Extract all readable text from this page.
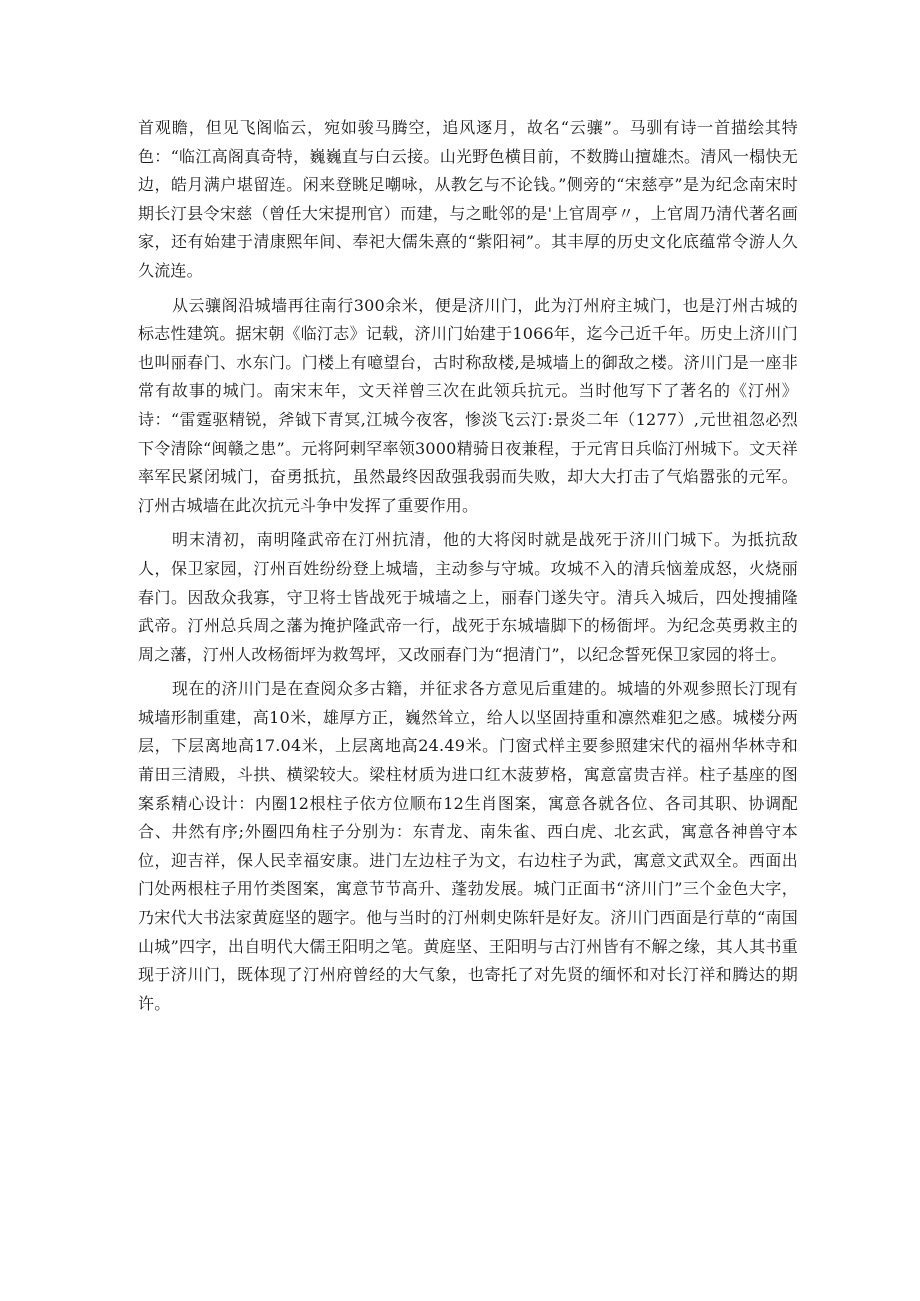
首观瞻，但见飞阁临云，宛如骏马腾空，追风逐月，故名“云骧”。马驯有诗一首描绘其特色：“临江高阁真奇特，巍巍直与白云接。山光野色横目前，不数腾山擅雄杰。清风一榻快无边，皓月满户堪留连。闲来登眺足嘲咏，从教乞与不论钱。”侧旁的“宋慈亭”是为纪念南宋时期长汀县令宋慈（曾任大宋提刑官）而建，与之毗邻的是'上官周亭〃，上官周乃清代著名画家，还有始建于清康熙年间、奉祀大儒朱熹的“紫阳祠”。其丰厚的历史文化底蕴常令游人久久流连。

从云骧阁沿城墙再往南行300余米，便是济川门，此为汀州府主城门，也是汀州古城的标志性建筑。据宋朝《临汀志》记载，济川门始建于1066年，迄今己近千年。历史上济川门也叫丽春门、水东门。门楼上有噫望台，古时称敌楼,是城墙上的御敌之楼。济川门是一座非常有故事的城门。南宋末年，文天祥曾三次在此领兵抗元。当时他写下了著名的《汀州》诗：“雷霆驱精锐，斧钺下青冥,江城今夜客，惨淡飞云汀:景炎二年（1277）,元世祖忽必烈下令清除“闽赣之患”。元将阿剌罕率领3000精骑日夜兼程，于元宵日兵临汀州城下。文天祥率军民紧闭城门，奋勇抵抗，虽然最终因敌强我弱而失败，却大大打击了气焰嚣张的元军。汀州古城墙在此次抗元斗争中发挥了重要作用。

明末清初，南明隆武帝在汀州抗清，他的大将闵时就是战死于济川门城下。为抵抗敌人，保卫家园，汀州百姓纷纷登上城墙，主动参与守城。攻城不入的清兵恼羞成怒，火烧丽春门。因敌众我寡，守卫将士皆战死于城墙之上，丽春门遂失守。清兵入城后，四处搜捕隆武帝。汀州总兵周之藩为掩护隆武帝一行，战死于东城墙脚下的杨衙坪。为纪念英勇救主的周之藩，汀州人改杨衙坪为救驾坪，又改丽春门为“挹清门”，以纪念誓死保卫家园的将士。

现在的济川门是在查阅众多古籍，并征求各方意见后重建的。城墙的外观参照长汀现有城墙形制重建，高10米，雄厚方正，巍然耸立，给人以坚固持重和凛然难犯之感。城楼分两层，下层离地高17.04米，上层离地高24.49米。门窗式样主要参照建宋代的福州华林寺和莆田三清殿，斗拱、横梁较大。梁柱材质为进口红木菠萝格，寓意富贵吉祥。柱子基座的图案系精心设计：内圈12根柱子依方位顺布12生肖图案，寓意各就各位、各司其职、协调配合、井然有序;外圈四角柱子分别为：东青龙、南朱雀、西白虎、北玄武，寓意各神兽守本位，迎吉祥，保人民幸福安康。进门左边柱子为文，右边柱子为武，寓意文武双全。西面出门处两根柱子用竹类图案，寓意节节高升、蓬勃发展。城门正面书“济川门”三个金色大字，乃宋代大书法家黄庭坚的题字。他与当时的汀州刺史陈轩是好友。济川门西面是行草的“南国山城”四字，出自明代大儒王阳明之笔。黄庭坚、王阳明与古汀州皆有不解之缘，其人其书重现于济川门，既体现了汀州府曾经的大气象，也寄托了对先贤的缅怀和对长汀祥和腾达的期许。
